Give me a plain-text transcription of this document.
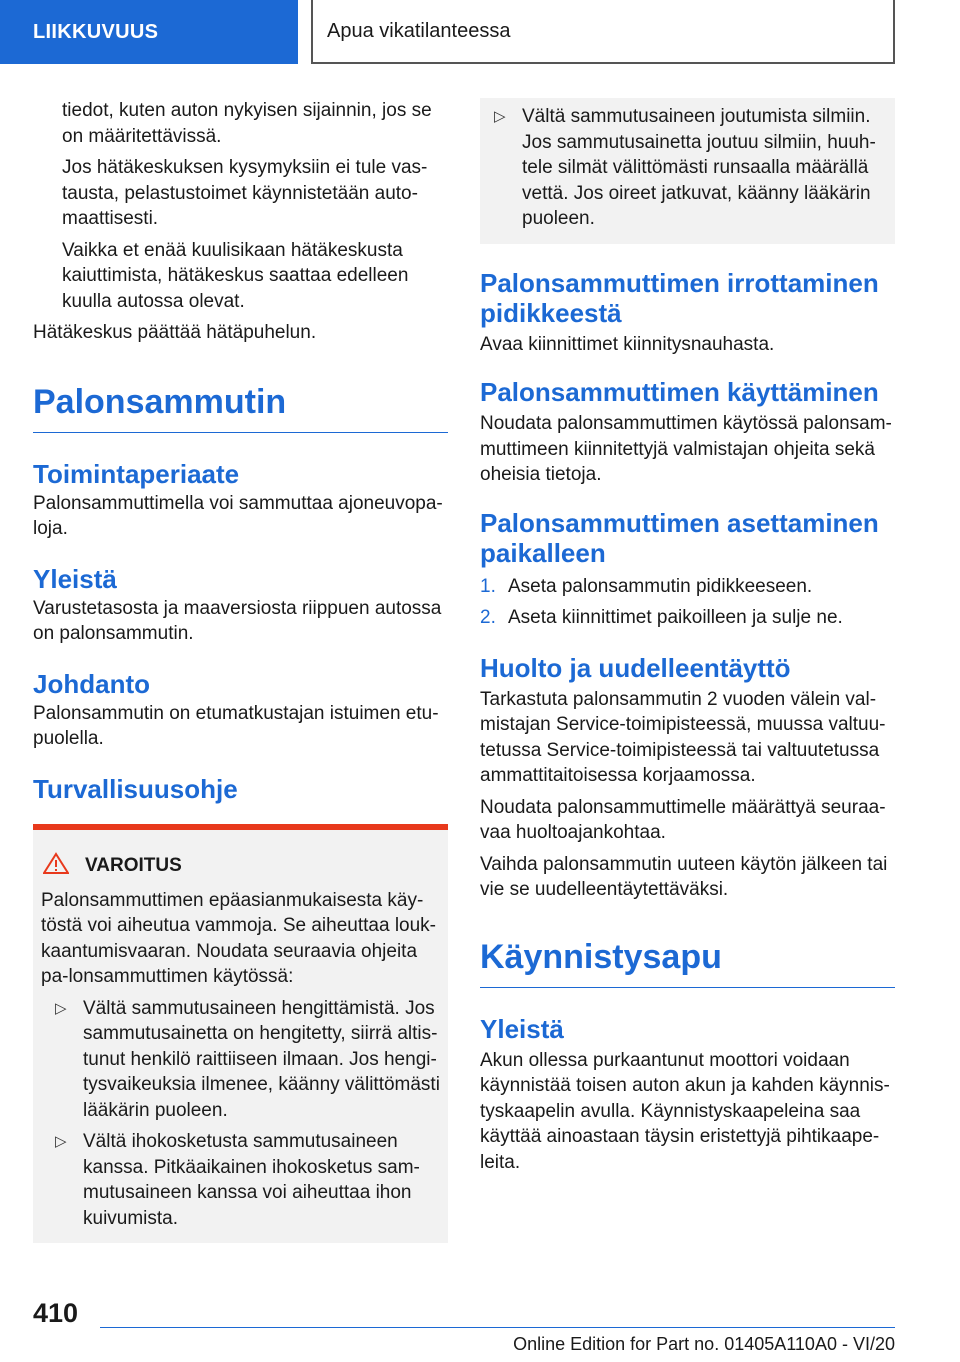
LIIKKUVUUS	Apua vikatilanteessa

tiedot, kuten auton nykyisen sijainnin, jos se on määritettävissä.

Jos hätäkeskuksen kysymyksiin ei tule vas-tausta, pelastustoimet käynnistetään auto-maattisesti.

Vaikka et enää kuulisikaan hätäkeskusta kaiuttimista, hätäkeskus saattaa edelleen kuulla autossa olevat.

Hätäkeskus päättää hätäpuhelun.

Palonsammutin
Toimintaperiaate

Palonsammuttimella voi sammuttaa ajoneuvopa-loja.

Yleistä

Varustetasosta ja maaversiosta riippuen autossa on palonsammutin.

Johdanto

Palonsammutin on etumatkustajan istuimen etu-puolella.

Turvallisuusohje
VAROITUS

Palonsammuttimen epäasianmukaisesta käy-töstä voi aiheutua vammoja. Se aiheuttaa louk-kaantumisvaaran. Noudata seuraavia ohjeita pa-lonsammuttimen käytössä:

▷ Vältä sammutusaineen hengittämistä. Jos sammutusainetta on hengitetty, siirrä altis-tunut henkilö raittiiseen ilmaan. Jos hengi-tysvaikeuksia ilmenee, käänny välittömästi lääkärin puoleen.
▷ Vältä ihokosketusta sammutusaineen kanssa. Pitkäaikainen ihokosketus sam-mutusaineen kanssa voi aiheuttaa ihon kuivumista.
▷ Vältä sammutusaineen joutumista silmiin. Jos sammutusainetta joutuu silmiin, huuh-tele silmät välittömästi runsaalla määrällä vettä. Jos oireet jatkuvat, käänny lääkärin puoleen.
Palonsammuttimen irrottaminen pidikkeestä

Avaa kiinnittimet kiinnitysnauhasta.

Palonsammuttimen käyttäminen

Noudata palonsammuttimen käytössä palonsam-muttimeen kiinnitettyjä valmistajan ohjeita sekä oheisia tietoja.

Palonsammuttimen asettaminen paikalleen
1. Aseta palonsammutin pidikkeeseen.
2. Aseta kiinnittimet paikoilleen ja sulje ne.
Huolto ja uudelleentäyttö

Tarkastuta palonsammutin 2 vuoden välein val-mistajan Service-toimipisteessä, muussa valtuu-tetussa Service-toimipisteessä tai valtuutetussa ammattitaitoisessa korjaamossa.

Noudata palonsammuttimelle määrättyä seuraa-vaa huoltoajankohtaa.

Vaihda palonsammutin uuteen käytön jälkeen tai vie se uudelleentäytettäväksi.

Käynnistysapu
Yleistä

Akun ollessa purkaantunut moottori voidaan käynnistää toisen auton akun ja kahden käynnis-tyskaapelin avulla. Käynnistyskaapeleina saa käyttää ainoastaan täysin eristettyjä pihtikaape-leita.

410
Online Edition for Part no. 01405A110A0 - VI/20
